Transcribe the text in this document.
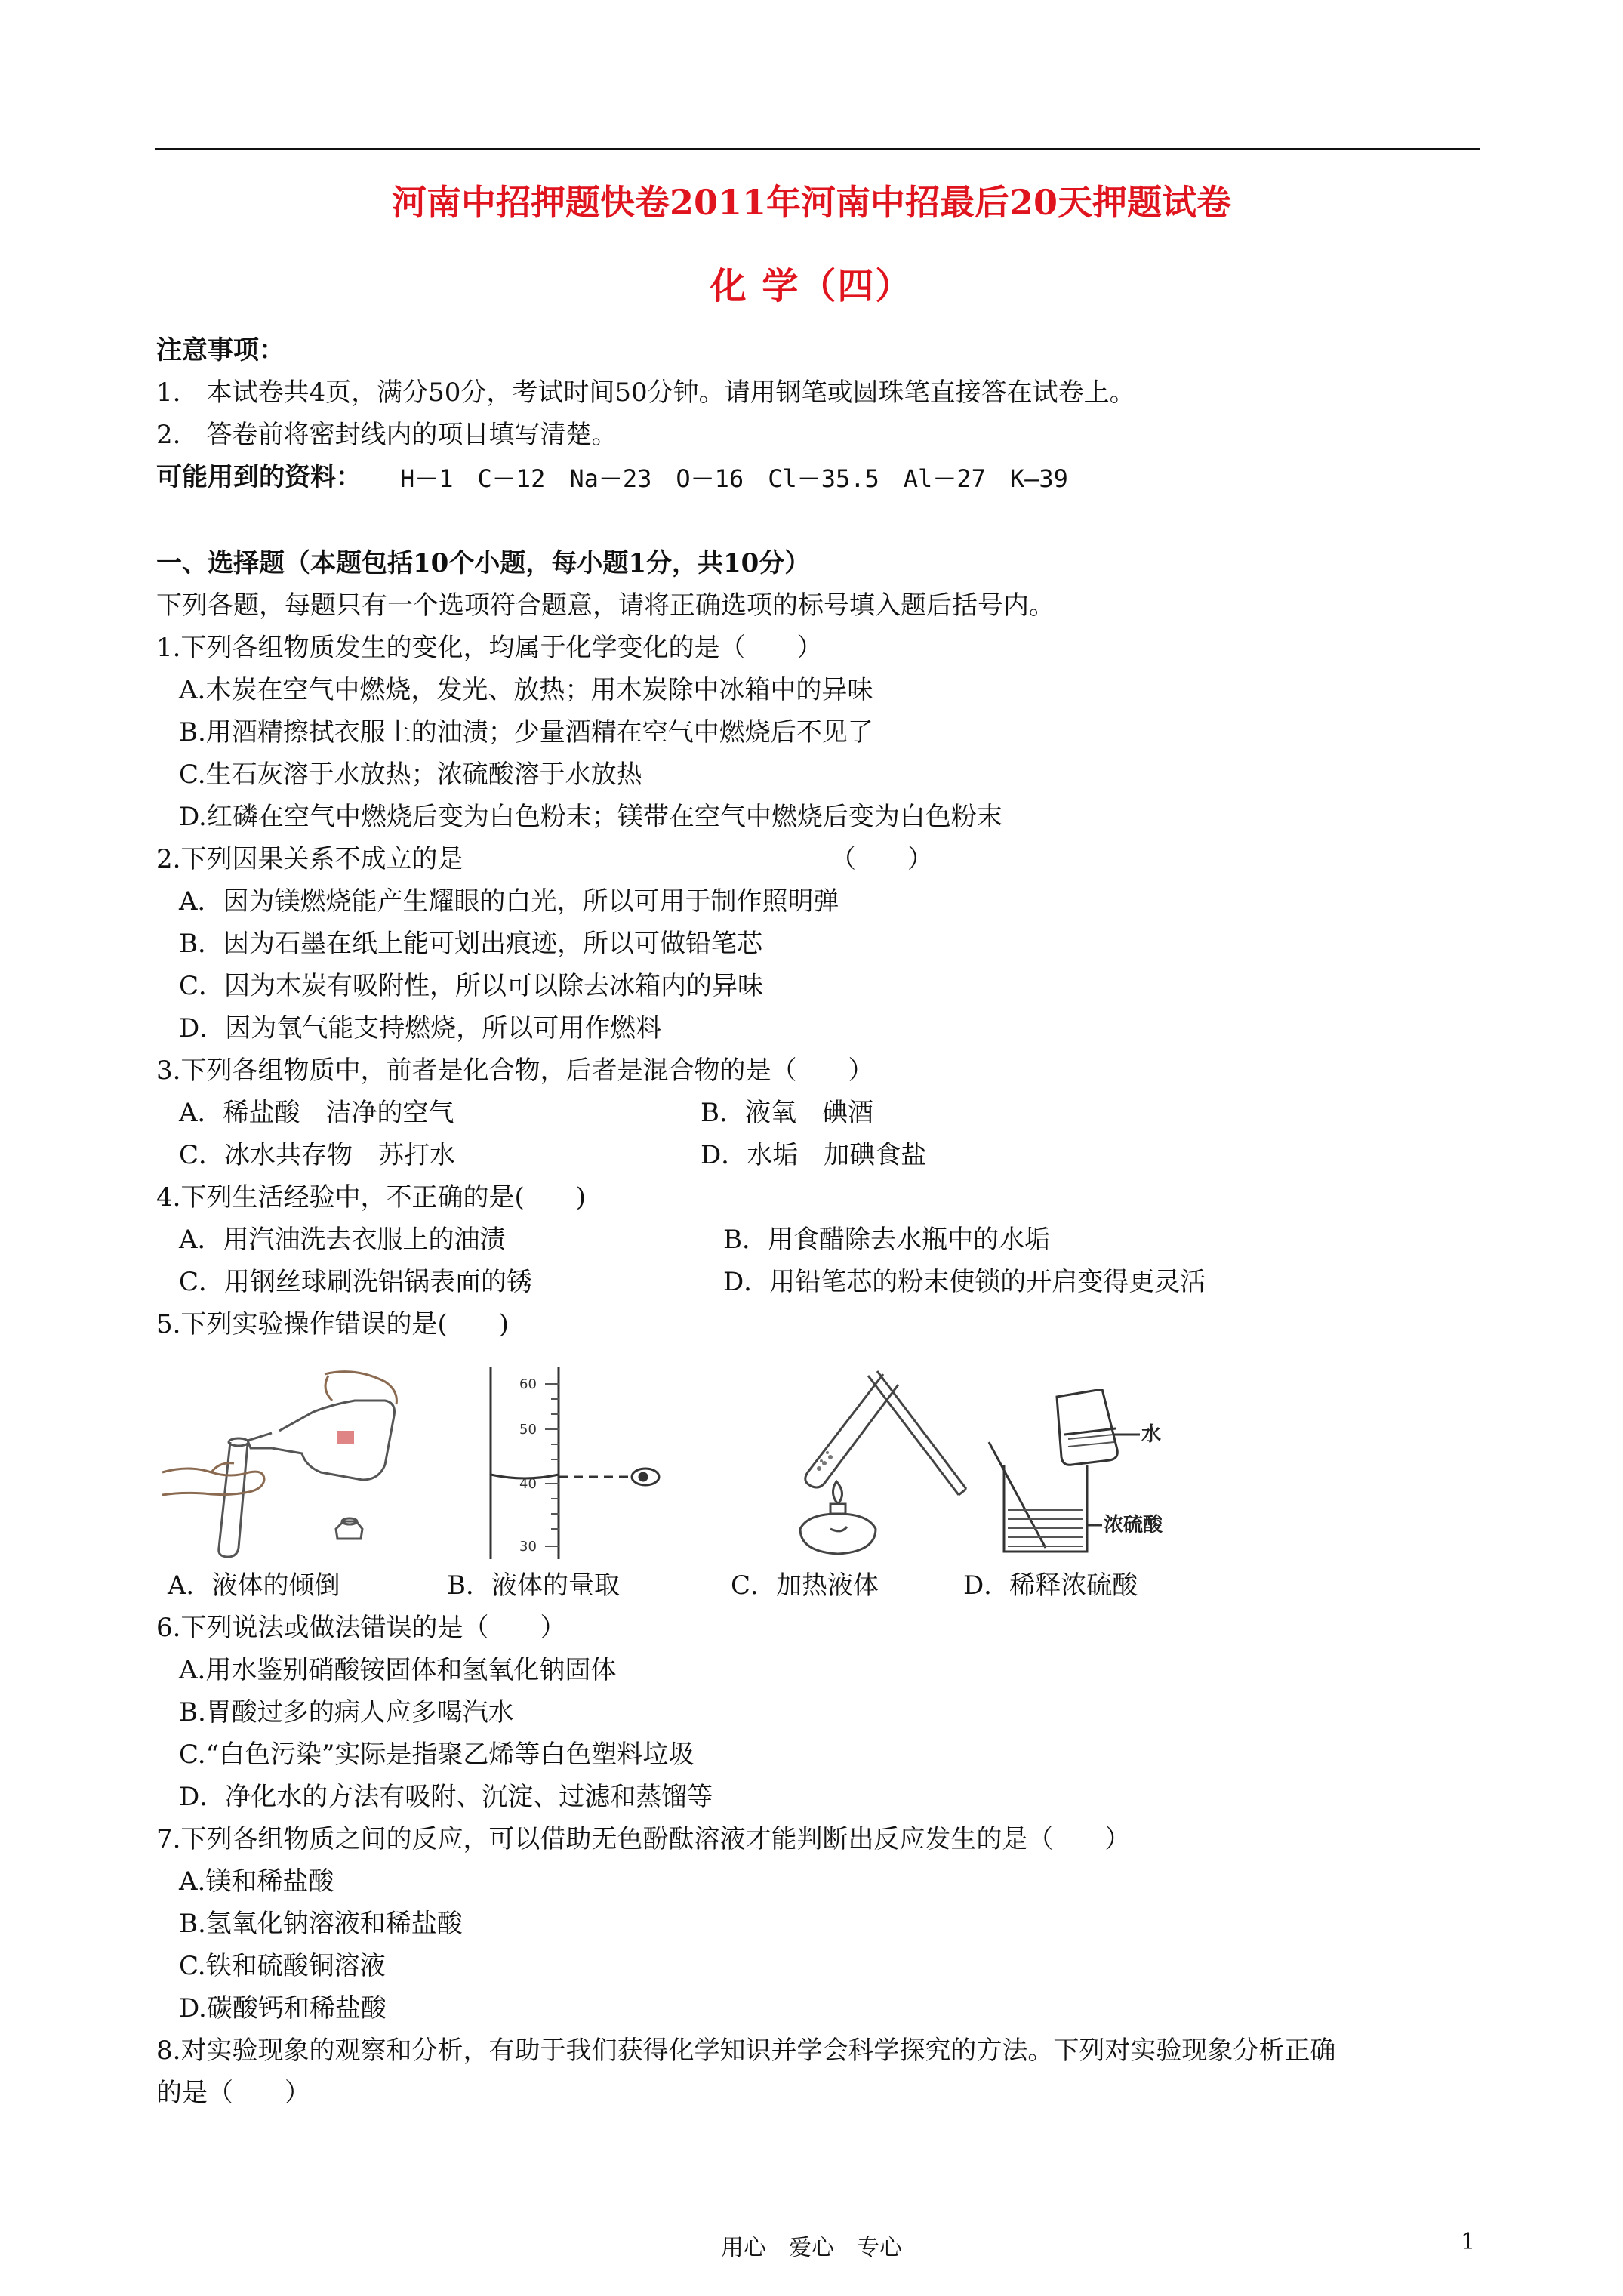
河南中招押题快卷2011年河南中招最后20天押题试卷
化 学（四）
注意事项：
1.　本试卷共4页，满分50分，考试时间50分钟。请用钢笔或圆珠笔直接答在试卷上。
2.　答卷前将密封线内的项目填写清楚。
可能用到的资料： H－1　C－12　Na－23　O－16　Cl－35.5　Al－27　K—39
一、选择题（本题包括10个小题，每小题1分，共10分）
下列各题，每题只有一个选项符合题意，请将正确选项的标号填入题后括号内。
1.下列各组物质发生的变化，均属于化学变化的是（　　）
A.木炭在空气中燃烧，发光、放热；用木炭除中冰箱中的异味
B.用酒精擦拭衣服上的油渍；少量酒精在空气中燃烧后不见了
C.生石灰溶于水放热；浓硫酸溶于水放热
D.红磷在空气中燃烧后变为白色粉末；镁带在空气中燃烧后变为白色粉末
2.下列因果关系不成立的是	（　　）
A．因为镁燃烧能产生耀眼的白光，所以可用于制作照明弹
B．因为石墨在纸上能可划出痕迹，所以可做铅笔芯
C．因为木炭有吸附性，所以可以除去冰箱内的异味
D．因为氧气能支持燃烧，所以可用作燃料
3.下列各组物质中，前者是化合物，后者是混合物的是（　　）
A．稀盐酸　洁净的空气	B．液氧　碘酒
C．冰水共存物　苏打水	D．水垢　加碘食盐
4.下列生活经验中，不正确的是(　　)
A．用汽油洗去衣服上的油渍	B．用食醋除去水瓶中的水垢
C．用钢丝球刷洗铝锅表面的锈	D．用铅笔芯的粉末使锁的开启变得更灵活
5.下列实验操作错误的是(　　)
60
50
40
30
水
浓硫酸
A．液体的倾倒	B．液体的量取	C．加热液体	D．稀释浓硫酸
6.下列说法或做法错误的是（　　）
A.用水鉴别硝酸铵固体和氢氧化钠固体
B.胃酸过多的病人应多喝汽水
C.“白色污染”实际是指聚乙烯等白色塑料垃圾
D．净化水的方法有吸附、沉淀、过滤和蒸馏等
7.下列各组物质之间的反应，可以借助无色酚酞溶液才能判断出反应发生的是（　　）
A.镁和稀盐酸
B.氢氧化钠溶液和稀盐酸
C.铁和硫酸铜溶液
D.碳酸钙和稀盐酸
8.对实验现象的观察和分析，有助于我们获得化学知识并学会科学探究的方法。下列对实验现象分析正确
的是（　　）
用心　爱心　专心	1
